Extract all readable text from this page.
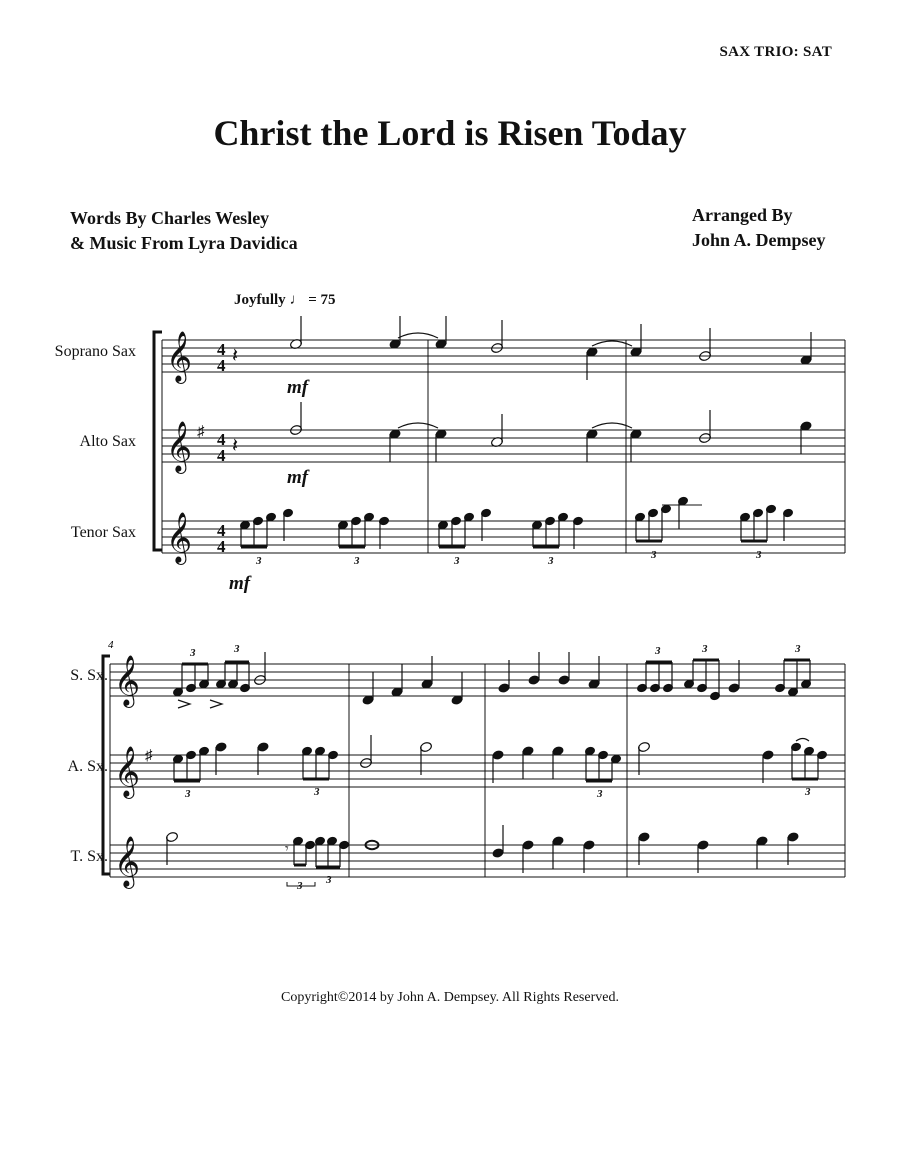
SAX TRIO: SAT
Christ the Lord is Risen Today
Words By Charles Wesley
& Music From Lyra Davidica
Arranged By
John A. Dempsey
Joyfully ♩ = 75
Soprano Sax
Alto Sax
Tenor Sax
S. Sx.
A. Sx.
T. Sx.
𝄞
𝄞
𝄞
𝄞
𝄞
𝄞
♯
♯
4
4
4
4
4
4
4
𝄽
𝄽
3	3	3	3	3	3
mf
mf
mf
𝄾
3	3	3	3	3
3	3	3	3
3 3
Copyright©2014 by John A. Dempsey. All Rights Reserved.
